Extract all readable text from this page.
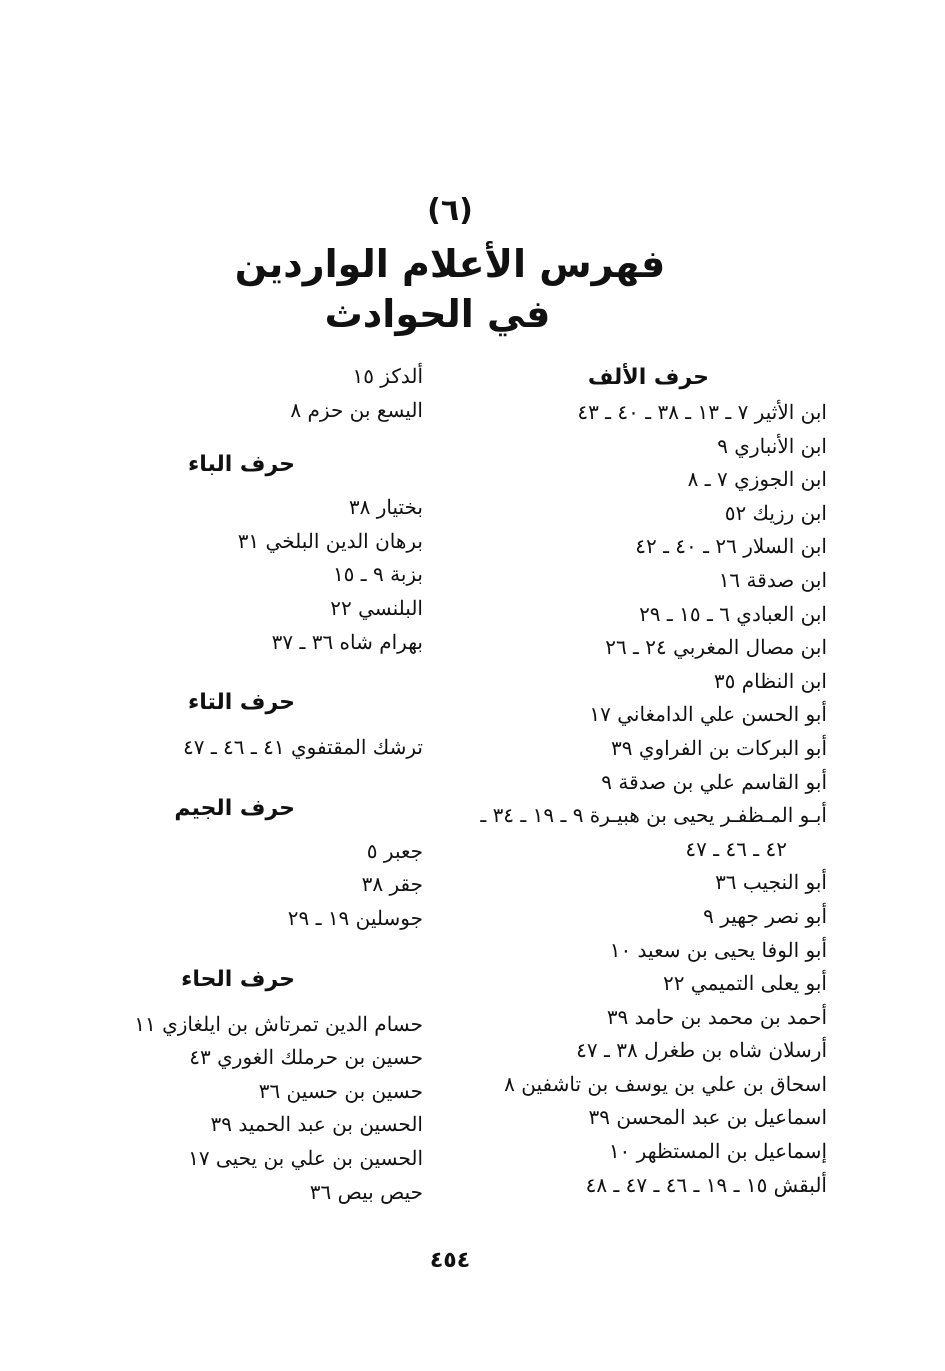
(٦)
فهرس الأعلام الواردين
في الحوادث
حرف الألف
ابن الأثير ٧ ـ ١٣ ـ ٣٨ ـ ٤٠ ـ ٤٣
ابن الأنباري ٩
ابن الجوزي ٧ ـ ٨
ابن رزيك ٥٢
ابن السلار ٢٦ ـ ٤٠ ـ ٤٢
ابن صدقة ١٦
ابن العبادي ٦ ـ ١٥ ـ ٢٩
ابن مصال المغربي ٢٤ ـ ٢٦
ابن النظام ٣٥
أبو الحسن علي الدامغاني ١٧
أبو البركات بن الفراوي ٣٩
أبو القاسم علي بن صدقة ٩
أبـو المـظفـر يحيى بن هبيـرة ٩ ـ ١٩ ـ ٣٤ ـ
٤٢ ـ ٤٦ ـ ٤٧
أبو النجيب ٣٦
أبو نصر جهير ٩
أبو الوفا يحيى بن سعيد ١٠
أبو يعلى التميمي ٢٢
أحمد بن محمد بن حامد ٣٩
أرسلان شاه بن طغرل ٣٨ ـ ٤٧
اسحاق بن علي بن يوسف بن تاشفين ٨
اسماعيل بن عبد المحسن ٣٩
إسماعيل بن المستظهر ١٠
ألبقش ١٥ ـ ١٩ ـ ٤٦ ـ ٤٧ ـ ٤٨
ألدكز ١٥
اليسع بن حزم ٨
حرف الباء
بختيار ٣٨
برهان الدين البلخي ٣١
بزبة ٩ ـ ١٥
البلنسي ٢٢
بهرام شاه ٣٦ ـ ٣٧
حرف التاء
ترشك المقتفوي ٤١ ـ ٤٦ ـ ٤٧
حرف الجيم
جعبر ٥
جقر ٣٨
جوسلين ١٩ ـ ٢٩
حرف الحاء
حسام الدين تمرتاش بن ايلغازي ١١
حسين بن حرملك الغوري ٤٣
حسين بن حسين ٣٦
الحسين بن عبد الحميد ٣٩
الحسين بن علي بن يحيى ١٧
حيص بيص ٣٦
٤٥٤
